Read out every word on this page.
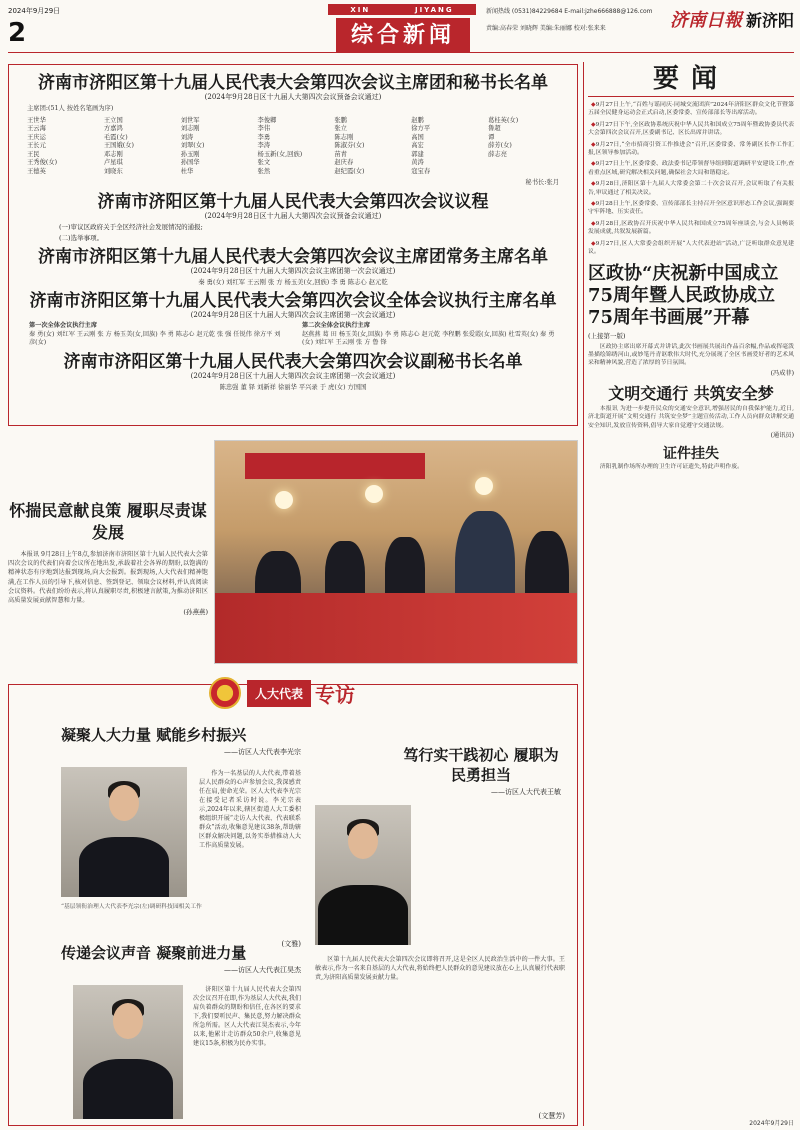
2024年9月29日
2
XIN	JIYANG
综合新闻
新闻热线 (0531)84229684 E-mail:jzhe666888@126.com
责编:高春荣 刘晓辉 美编:朱丽娜 校对:张来来	济南日報 新济阳
济南市济阳区第十九届人民代表大会第四次会议主席团和秘书长名单
(2024年9月28日区十九届人大第四次会议预备会议通过)
主席团:(51人 按姓名笔画为序)
王世华
王云海
王庆运
王长元
王民
王秀俊(女)
王德英
王立国
方嘉鸿
毛霞(女)
王国娥(女)
邓志刚
卢星琪
刘晓东
刘世军
刘志刚
刘涛
刘翠(女)
孙玉刚
孙国华
杜华
李俊卿
李伟
李勇
李涛
杨玉新(女,回族)
张文
张然
张鹏
张立
陈志刚
陈淑芬(女)
苗青
赵庆春
赵纪霞(女)
赵鹏
徐方平
高国
高宏
郭建
黄涛
寇宝春
葛桂英(女)
鲁超
谭
薛芳(女)
薛志亮
秘书长:张月
济南市济阳区第十九届人民代表大会第四次会议议程
(2024年9月28日区十九届人大第四次会议预备会议通过)
(一)审议区政府关于全区经济社会发展情况的通报;
(二)选举事项。
济南市济阳区第十九届人民代表大会第四次会议主席团常务主席名单
(2024年9月28日区十九届人大第四次会议主席团第一次会议通过)
秦 勇(女) 刘红军 王云刚 张 方 杨玉美(女,回族) 李 勇 陈志心 赵元乾
济南市济阳区第十九届人民代表大会第四次会议全体会议执行主席名单
(2024年9月28日区十九届人大第四次会议主席团第一次会议通过)
第一次全体会议执行主席
秦 勇(女) 刘红军 王云刚 张 方 杨玉美(女,回族) 李 勇 陈志心 赵元乾 张 强 任锐伟 徐方平 刘 彦(女)
第二次全体会议执行主席
赵燕燕 葛 田 杨玉美(女,回族) 李 勇 陈志心 赵元乾 李程鹏 张爱霞(女,回族) 杜雪英(女) 秦 勇(女) 刘红军 王云刚 张 方 鲁 锋
济南市济阳区第十九届人民代表大会第四次会议副秘书长名单
(2024年9月28日区十九届人大第四次会议主席团第一次会议通过)
陈忠强 董 铎 刘新祥 徐丽华 平兴录 于 虎(女) 方国国
怀揣民意献良策 履职尽责谋发展

本报讯 9月28日上午8点,参加济南市济阳区第十九届人民代表大会第四次会议的代表们向着会议所在地出发,承载着社会各界的期盼,以饱满的精神状态有序地到达报到现场,向大会报到。报到现场,人大代表们精神饱满,在工作人员的引导下,核对信息、签到登记、领取会议材料,并认真阅读会议资料。代表们纷纷表示,将认真履职尽责,积极建言献策,为推动济阳区高质量发展贡献智慧和力量。

(孙燕燕)
人大代表 专访
凝聚人大力量 赋能乡村振兴
——访区人大代表李光宗
“基层领衔治理人大代表李光宗(左)调研科技园相关工作
作为一名基层的人大代表,带着基层人民群众的心声参加会议,我深感责任在肩,使命光荣。区人大代表李光宗在接受记者采访时说。李光宗表示,2024年以来,辖区街道人大工委积极组织开展“走访人大代表、代表联系群众”活动,收集意见建议38条,帮助辖区群众解决问题,以务实举措推动人大工作高质量发展。
(文雅)
传递会议声音 凝聚前进力量
——访区人大代表江昊杰
济阳区第十九届人民代表大会第四次会议召开在即,作为基层人大代表,我们肩负着群众的期盼和信任,在各区的要求下,我们要听民声、集民意,努力解决群众所急所需。区人大代表江昊杰表示,今年以来,他累计走访群众50余户,收集意见建议15条,积极为民办实事。
笃行实干践初心 履职为民勇担当
——访区人大代表王敏
区第十九届人民代表大会第四次会议即将召开,这是全区人民政治生活中的一件大事。王敏表示,作为一名来自基层的人大代表,将始终把人民群众的意见建议放在心上,认真履行代表职责,为济阳高质量发展贡献力量。
(文慧芳)
要闻
◆9月27日上午,“百姓与谣同庆·同城交流团滨”2024年济阳区群众文化节暨第五届全民健身运动会正式启动,区委常委、宣传部部长等出席活动。
◆9月27日下午,全区政协系统庆祝中华人民共和国成立75周年暨政协委员代表大会第四次会议召开,区委副书记、区长出席并讲话。
◆9月27日,“全市招商引资工作推进会”召开,区委常委、常务副区长作工作汇报,区领导参加活动。
◆9月27日上午,区委常委、政法委书记带领督导组到街道调研平安建设工作,查看重点区域,研究解决相关问题,确保社会大局和谐稳定。
◆9月28日,济阳区第十九届人大常委会第二十次会议召开,会议听取了有关报告,审议通过了相关决议。
◆9月28日上午,区委常委、宣传部部长主持召开全区意识形态工作会议,强调要守牢阵地、压实责任。
◆9月28日,区政协召开庆祝中华人民共和国成立75周年座谈会,与会人员畅谈发展成就,共叙发展新篇。
◆9月27日,区人大常委会组织开展“人大代表进站”活动,广泛听取群众意见建议。
区政协“庆祝新中国成立75周年暨人民政协成立75周年书画展”开幕
(上接第一版)
区政协主席出席开幕式并讲话,此次书画展共展出作品百余幅,作品或挥毫泼墨描绘锦绣河山,或妙笔丹青讴歌伟大时代,充分展现了全区书画爱好者的艺术风采和精神风貌,营造了浓厚的节日氛围。
(冯成菲)
文明交通行 共筑安全梦
本报讯 为进一步提升民众的交通安全意识,增强居民的自我保护能力,近日,济北街道开展“文明交通行 共筑安全梦”主题宣传活动,工作人员向群众讲解交通安全知识,发放宣传资料,倡导大家自觉遵守交通法规。
(通讯员)
证件挂失
济阳乳制作场所办理的卫生许可证遗失,特此声明作废。
2024年9月29日
